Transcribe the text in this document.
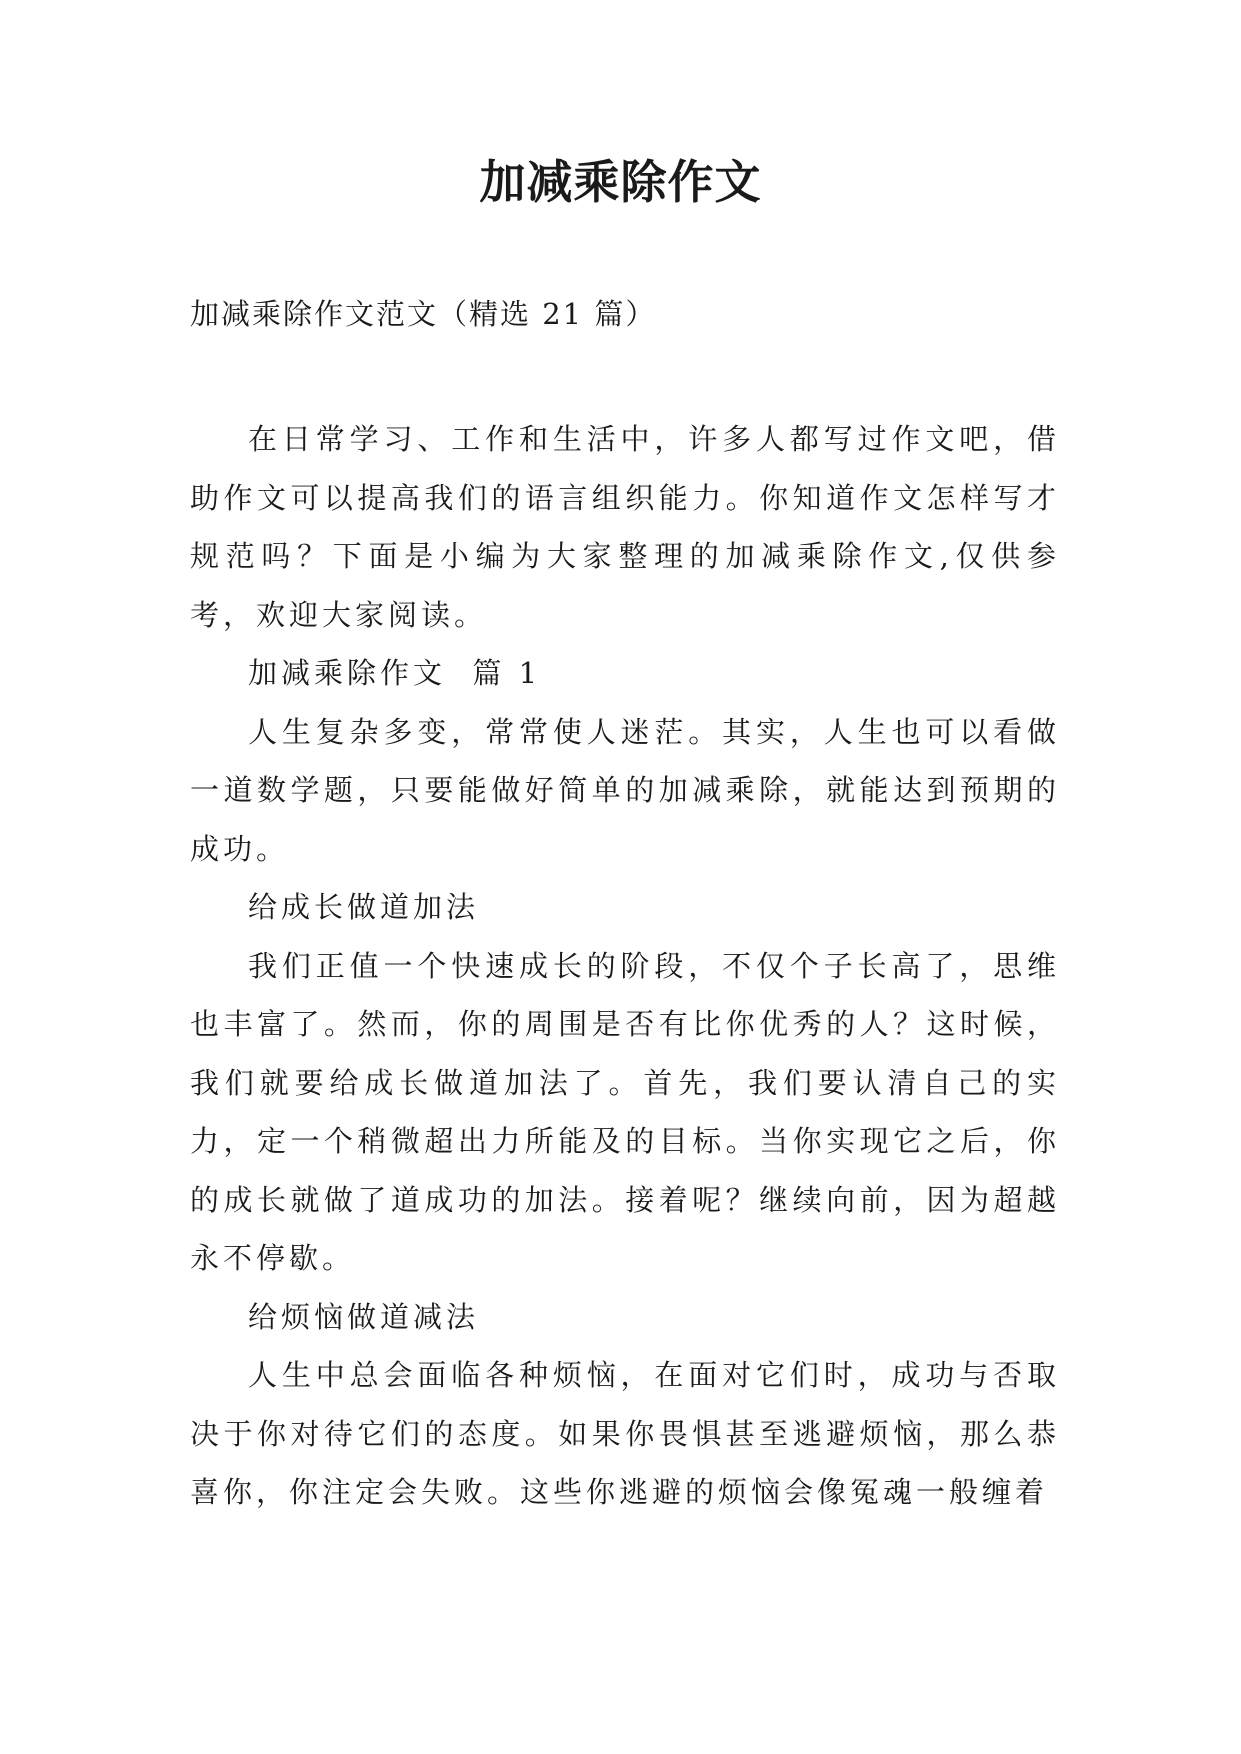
加减乘除作文
加减乘除作文范文（精选 21 篇）

在日常学习、工作和生活中，许多人都写过作文吧，借助作文可以提高我们的语言组织能力。你知道作文怎样写才规范吗？下面是小编为大家整理的加减乘除作文,仅供参考，欢迎大家阅读。

加减乘除作文  篇 1

人生复杂多变，常常使人迷茫。其实，人生也可以看做一道数学题，只要能做好简单的加减乘除，就能达到预期的成功。

给成长做道加法

我们正值一个快速成长的阶段，不仅个子长高了，思维也丰富了。然而，你的周围是否有比你优秀的人？这时候，我们就要给成长做道加法了。首先，我们要认清自己的实力，定一个稍微超出力所能及的目标。当你实现它之后，你的成长就做了道成功的加法。接着呢？继续向前，因为超越永不停歇。

给烦恼做道减法

人生中总会面临各种烦恼，在面对它们时，成功与否取决于你对待它们的态度。如果你畏惧甚至逃避烦恼，那么恭喜你，你注定会失败。这些你逃避的烦恼会像冤魂一般缠着
